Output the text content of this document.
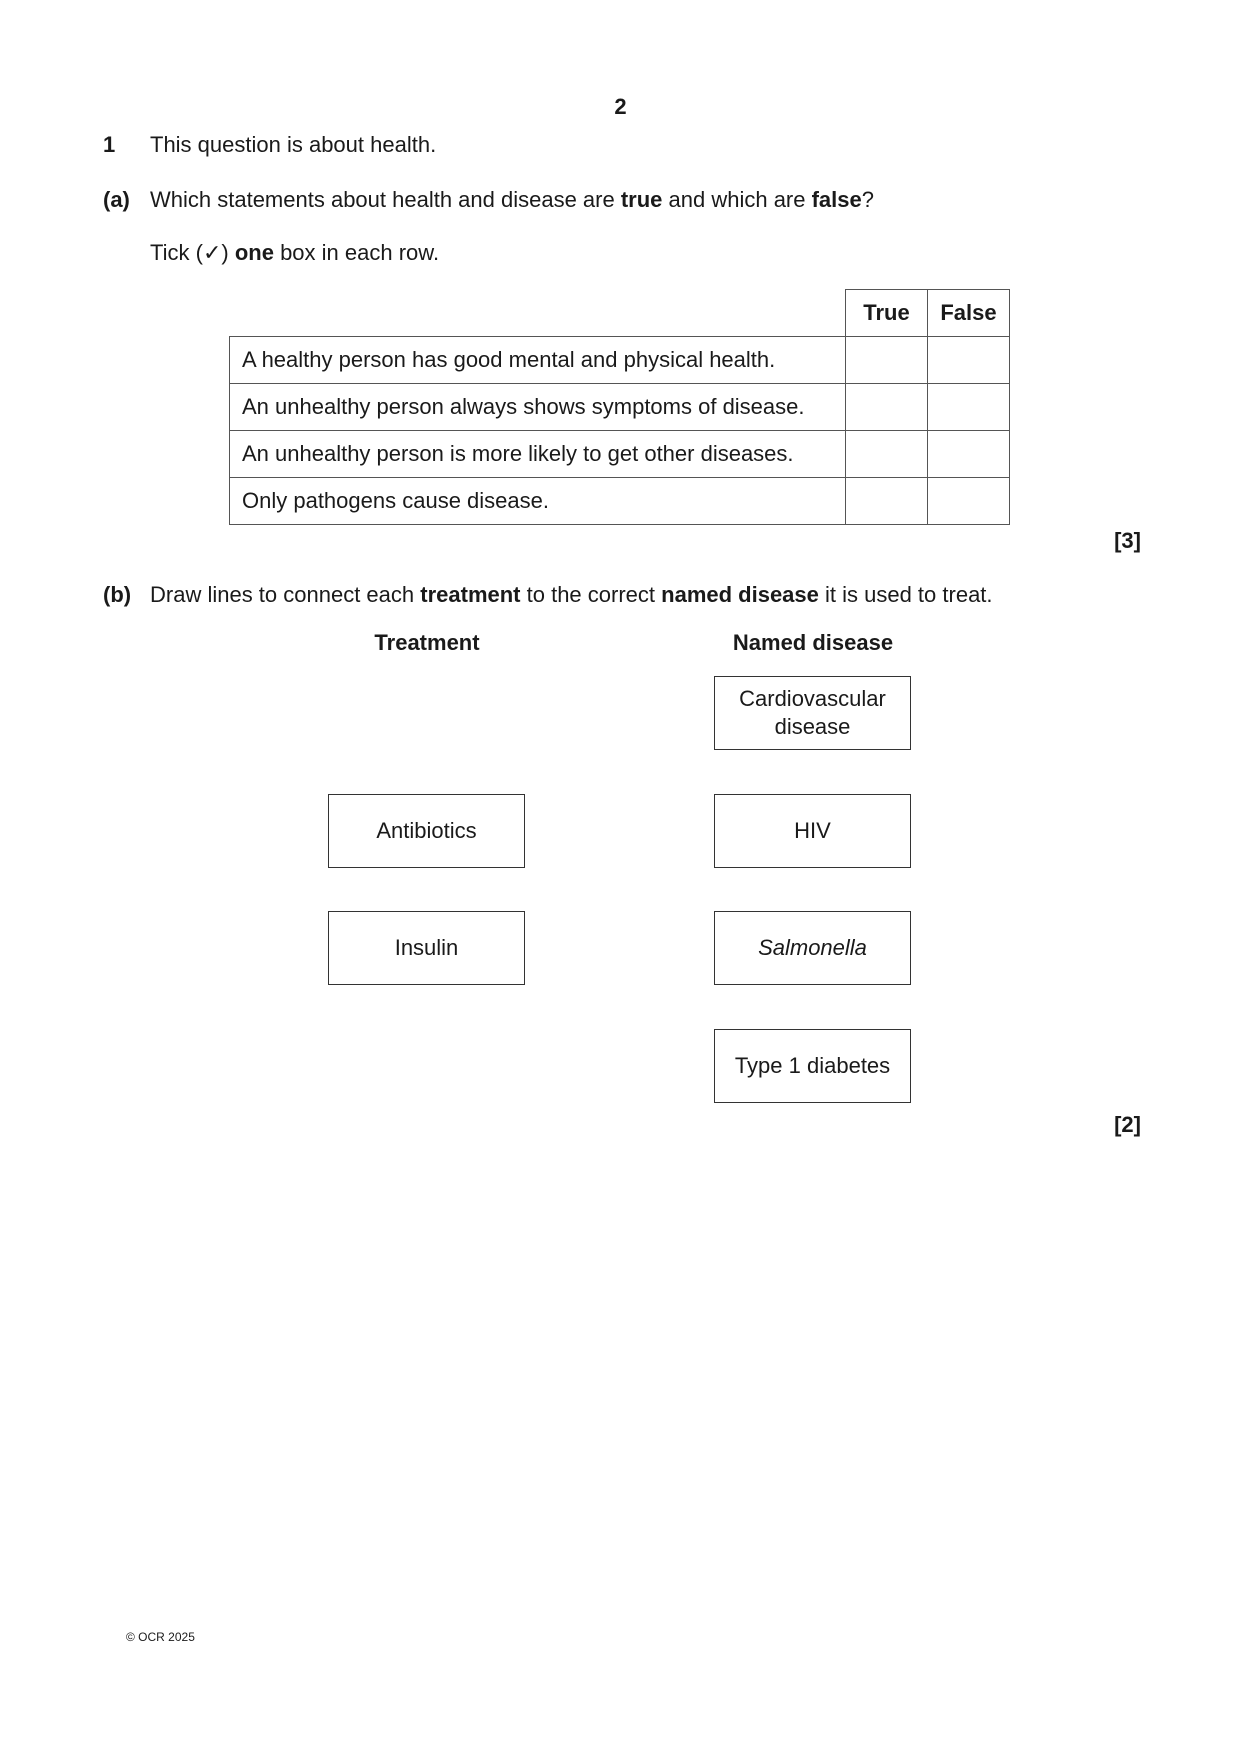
2
1 This question is about health.
(a) Which statements about health and disease are true and which are false?
Tick (✓) one box in each row.
	True	False
A healthy person has good mental and physical health.		
An unhealthy person always shows symptoms of disease.		
An unhealthy person is more likely to get other diseases.		
Only pathogens cause disease.		
[3]
(b) Draw lines to connect each treatment to the correct named disease it is used to treat.
Treatment	Named disease
Antibiotics
Insulin
Cardiovascular disease
HIV
Salmonella
Type 1 diabetes
[2]
© OCR 2025
